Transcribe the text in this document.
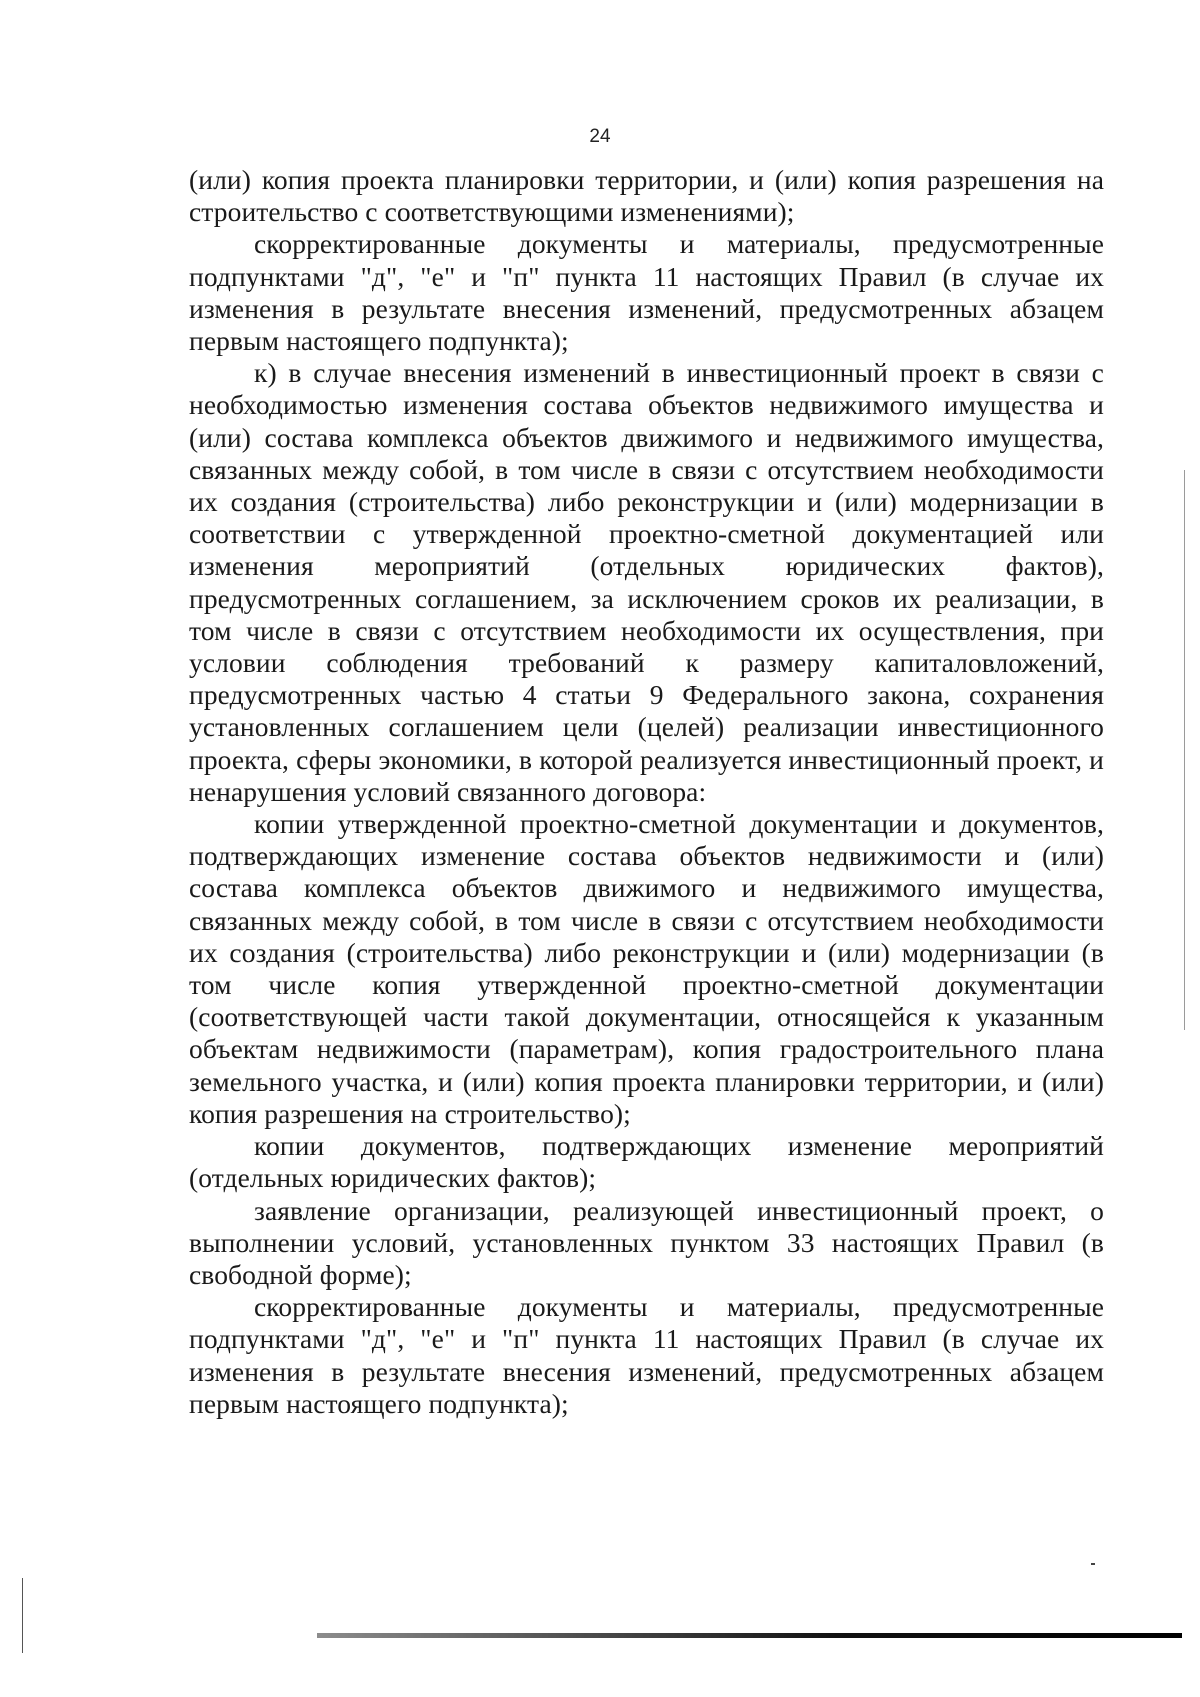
24

(или) копия проекта планировки территории, и (или) копия разрешения на строительство с соответствующими изменениями);

скорректированные документы и материалы, предусмотренные подпунктами "д", "е" и "п" пункта 11 настоящих Правил (в случае их изменения в результате внесения изменений, предусмотренных абзацем первым настоящего подпункта);

к) в случае внесения изменений в инвестиционный проект в связи с необходимостью изменения состава объектов недвижимого имущества и (или) состава комплекса объектов движимого и недвижимого имущества, связанных между собой, в том числе в связи с отсутствием необходимости их создания (строительства) либо реконструкции и (или) модернизации в соответствии с утвержденной проектно-сметной документацией или изменения мероприятий (отдельных юридических фактов), предусмотренных соглашением, за исключением сроков их реализации, в том числе в связи с отсутствием необходимости их осуществления, при условии соблюдения требований к размеру капиталовложений, предусмотренных частью 4 статьи 9 Федерального закона, сохранения установленных соглашением цели (целей) реализации инвестиционного проекта, сферы экономики, в которой реализуется инвестиционный проект, и ненарушения условий связанного договора:

копии утвержденной проектно-сметной документации и документов, подтверждающих изменение состава объектов недвижимости и (или) состава комплекса объектов движимого и недвижимого имущества, связанных между собой, в том числе в связи с отсутствием необходимости их создания (строительства) либо реконструкции и (или) модернизации (в том числе копия утвержденной проектно-сметной документации (соответствующей части такой документации, относящейся к указанным объектам недвижимости (параметрам), копия градостроительного плана земельного участка, и (или) копия проекта планировки территории, и (или) копия разрешения на строительство);

копии документов, подтверждающих изменение мероприятий (отдельных юридических фактов);

заявление организации, реализующей инвестиционный проект, о выполнении условий, установленных пунктом 33 настоящих Правил (в свободной форме);

скорректированные документы и материалы, предусмотренные подпунктами "д", "е" и "п" пункта 11 настоящих Правил (в случае их изменения в результате внесения изменений, предусмотренных абзацем первым настоящего подпункта);
